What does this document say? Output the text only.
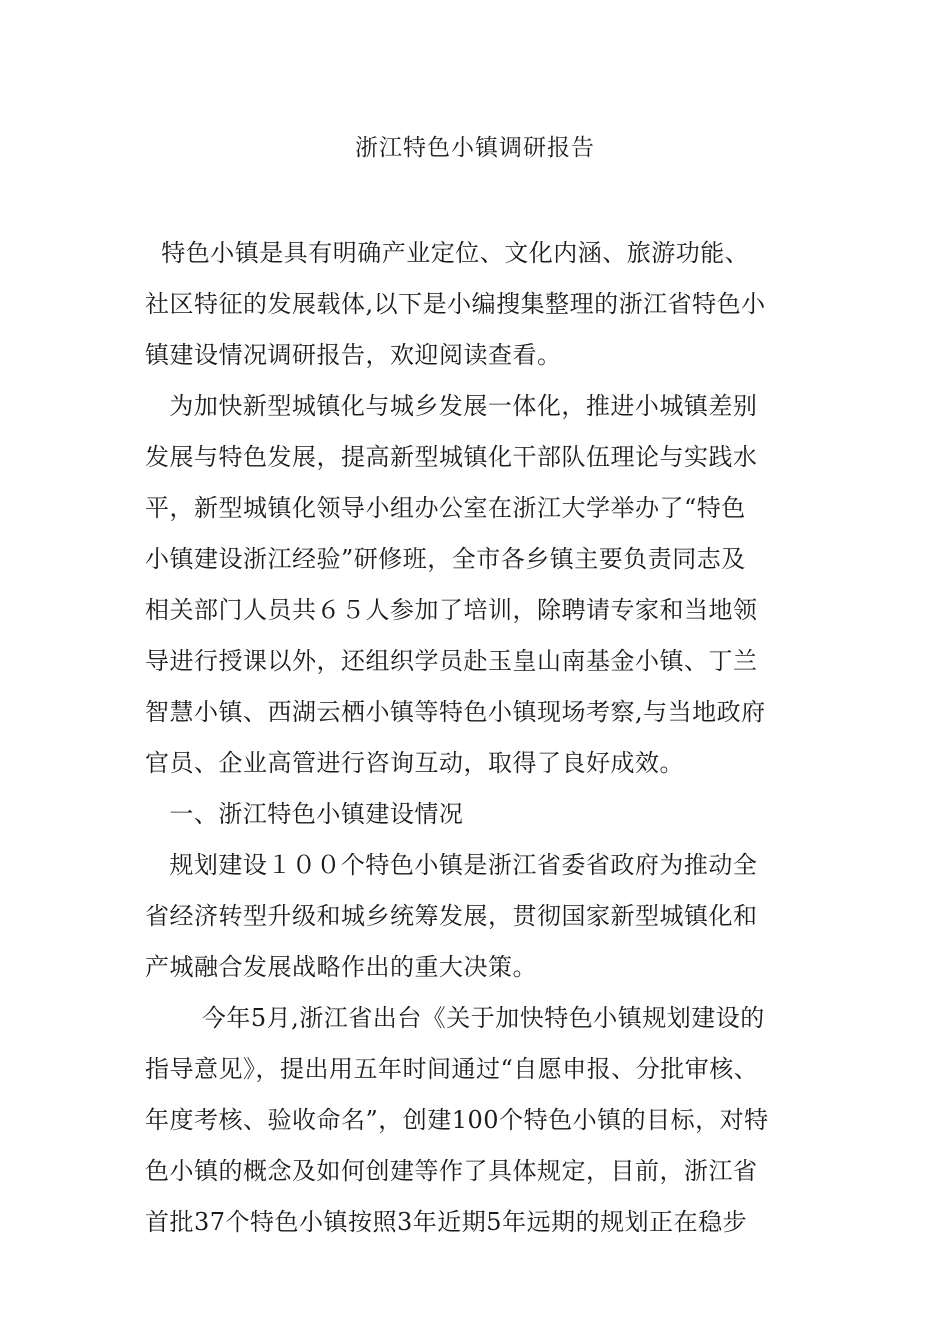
浙江特色小镇调研报告
特色小镇是具有明确产业定位、文化内涵、旅游功能、
社区特征的发展载体,以下是小编搜集整理的浙江省特色小
镇建设情况调研报告，欢迎阅读查看。
为加快新型城镇化与城乡发展一体化，推进小城镇差别
发展与特色发展，提高新型城镇化干部队伍理论与实践水
平，新型城镇化领导小组办公室在浙江大学举办了“特色
小镇建设浙江经验”研修班，全市各乡镇主要负责同志及
相关部门人员共６５人参加了培训，除聘请专家和当地领
导进行授课以外，还组织学员赴玉皇山南基金小镇、丁兰
智慧小镇、西湖云栖小镇等特色小镇现场考察,与当地政府
官员、企业高管进行咨询互动，取得了良好成效。
一、浙江特色小镇建设情况
规划建设１００个特色小镇是浙江省委省政府为推动全
省经济转型升级和城乡统筹发展，贯彻国家新型城镇化和
产城融合发展战略作出的重大决策。
今年5月,浙江省出台《关于加快特色小镇规划建设的
指导意见》，提出用五年时间通过“自愿申报、分批审核、
年度考核、验收命名”，创建100个特色小镇的目标，对特
色小镇的概念及如何创建等作了具体规定，目前，浙江省
首批37个特色小镇按照3年近期5年远期的规划正在稳步
